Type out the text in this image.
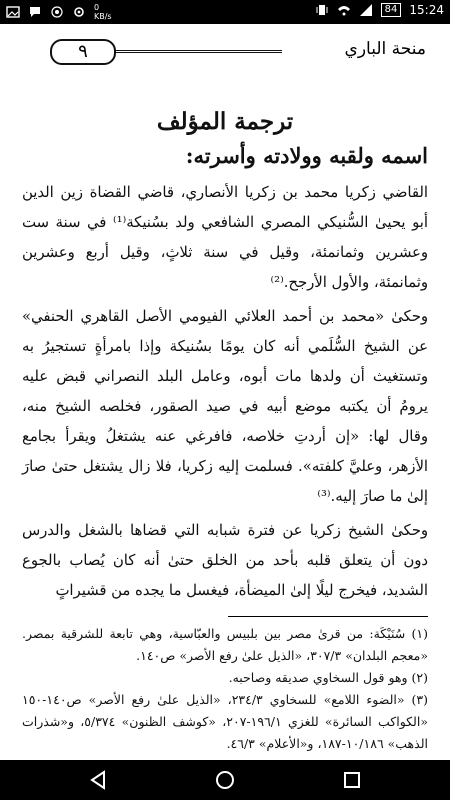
0
KB/s
84	15:24
٩	منحة الباري
ترجمة المؤلف
اسمه ولقبه وولادته وأسرته:

القاضي زكريا محمد بن زكريا الأنصاري، قاضي القضاة زين الدين أبو يحيىٰ السُّنيكي المصري الشافعي ولد بسُنيكة⁽¹⁾ في سنة ست وعشرين وثمانمئة، وقيل في سنة ثلاثٍ، وقيل أربع وعشرين وثمانمئة، والأول الأرجح.⁽²⁾

وحكىٰ «محمد بن أحمد العلائي الفيومي الأصل القاهري الحنفي» عن الشيخ السُّلَمي أنه كان يومًا بسُنيكة وإذا بامرأةٍ تستجيرُ به وتستغيث أن ولدها مات أبوه، وعامل البلد النصراني قبض عليه يرومُ أن يكتبه موضع أبيه في صيد الصقور، فخلصه الشيخ منه، وقال لها: «إن أردتِ خلاصه، فافرغي عنه يشتغلُ ويقرأ بجامع الأزهر، وعليَّ كلفته». فسلمت إليه زكريا، فلا زال يشتغل حتىٰ صارَ إلىٰ ما صارَ إليه.⁽³⁾

وحكىٰ الشيخ زكريا عن فترة شبابه التي قضاها بالشغل والدرس دون أن يتعلق قلبه بأحد من الخلق حتىٰ أنه كان يُصاب بالجوع الشديد، فيخرج ليلًا إلىٰ الميضأة، فيغسل ما يجده من قشيراتٍ

(١) سُنَيْكَة: من قرىٰ مصر بين بلبيس والعبّاسية، وهي تابعة للشرقية بمصر. «معجم البلدان» ٣٠٧/٣، «الذيل علىٰ رفع الأصر» ص١٤٠.

(٢) وهو قول السخاوي صديقه وصاحبه.

(٣) «الضوء اللامع» للسخاوي ٢٣٤/٣، «الذيل علىٰ رفع الأصر» ص١٤٠-١٥٠ «الكواكب السائرة» للغزي ١٩٦/١-٢٠٧، «كوشف الظنون» ٥/٣٧٤، و«شذرات الذهب» ١٠/١٨٦-١٨٧، و«الأعلام» ٤٦/٣.
